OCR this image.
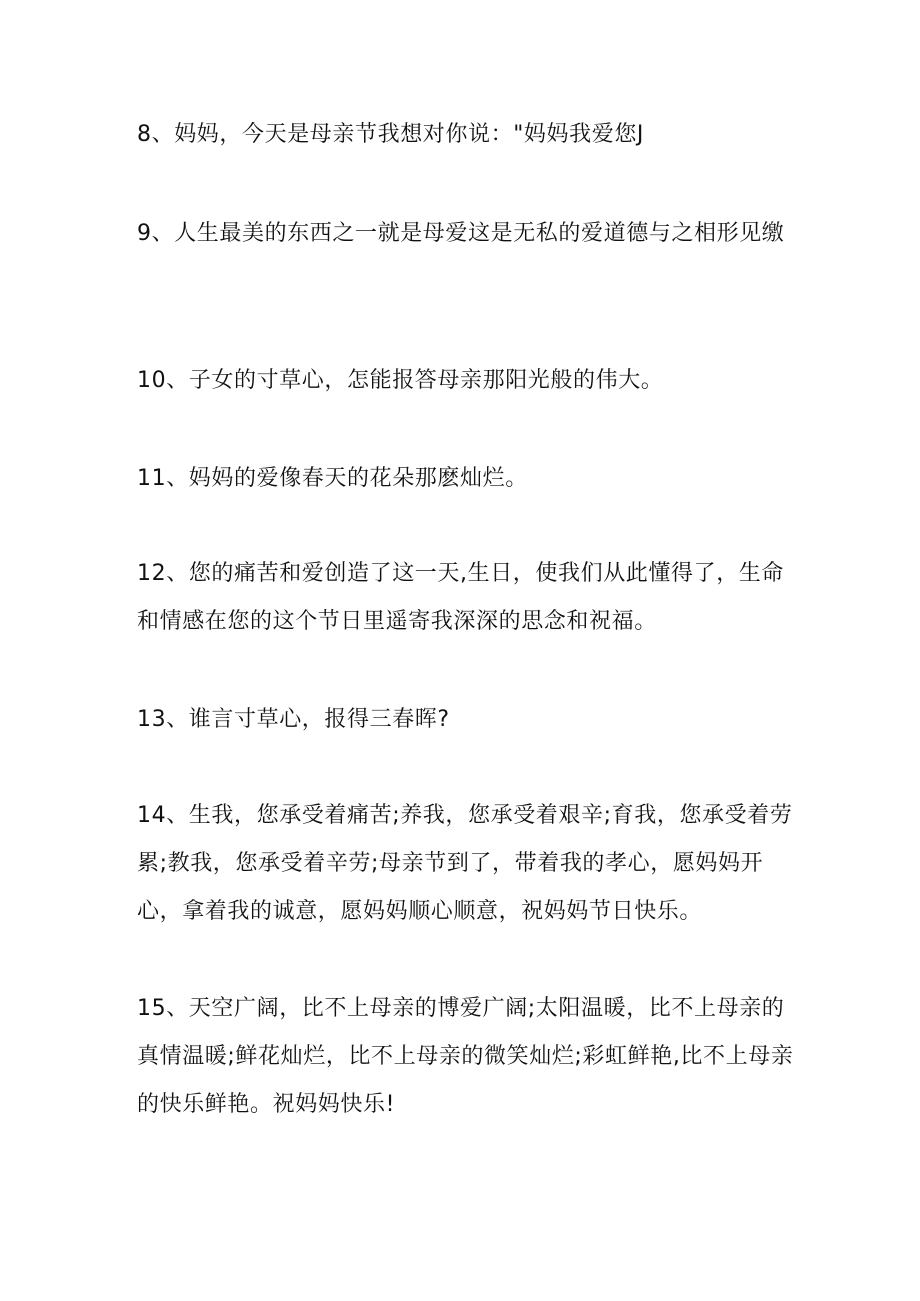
8、妈妈，今天是母亲节我想对你说："妈妈我爱您J

9、人生最美的东西之一就是母爱这是无私的爱道德与之相形见缴

10、子女的寸草心，怎能报答母亲那阳光般的伟大。

11、妈妈的爱像春天的花朵那麽灿烂。

12、您的痛苦和爱创造了这一天,生日，使我们从此懂得了，生命和情感在您的这个节日里遥寄我深深的思念和祝福。

13、谁言寸草心，报得三春晖?

14、生我，您承受着痛苦;养我，您承受着艰辛;育我，您承受着劳累;教我，您承受着辛劳;母亲节到了，带着我的孝心，愿妈妈开心，拿着我的诚意，愿妈妈顺心顺意，祝妈妈节日快乐。

15、天空广阔，比不上母亲的博爱广阔;太阳温暖，比不上母亲的真情温暖;鲜花灿烂，比不上母亲的微笑灿烂;彩虹鲜艳,比不上母亲的快乐鲜艳。祝妈妈快乐!
